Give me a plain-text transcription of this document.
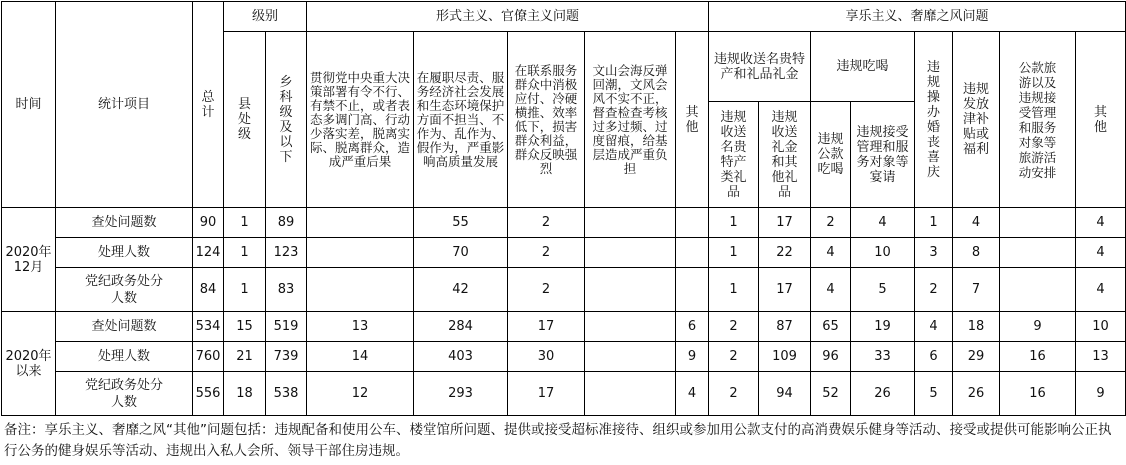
时间	统计项目	总计	级别		形式主义、官僚主义问题					享乐主义、奢靡之风问题							
			县处级	乡科级及以下	贯彻党中央重大决策部署有令不行、有禁不止，或者表态多调门高、行动少落实差，脱离实际、脱离群众，造成严重后果	在履职尽责、服务经济社会发展和生态环境保护方面不担当、不作为、乱作为、假作为，严重影响高质量发展	在联系服务群众中消极应付、冷硬横推、效率低下，损害群众利益，群众反映强烈	文山会海反弹回潮，文风会风不实不正，督查检查考核过多过频、过度留痕，给基层造成严重负担	其他	违规收送名贵特产和礼品礼金		违规吃喝		违规操办婚丧喜庆	违规发放津补贴或福利	公款旅游以及违规接受管理和服务对象等旅游活动安排	其他
										违规收送名贵特产类礼品	违规收送礼金和其他礼品	违规公款吃喝	违规接受管理和服务对象等宴请				
2020年12月	查处问题数	90	1	89		55	2			1	17	2	4	1	4		4
	处理人数	124	1	123		70	2			1	22	4	10	3	8		4
	党纪政务处分人数	84	1	83		42	2			1	17	4	5	2	7		4
2020年以来	查处问题数	534	15	519	13	284	17		6	2	87	65	19	4	18	9	10
	处理人数	760	21	739	14	403	30		9	2	109	96	33	6	29	16	13
	党纪政务处分人数	556	18	538	12	293	17		4	2	94	52	26	5	26	16	9
备注：享乐主义、奢靡之风“其他”问题包括：违规配备和使用公车、楼堂馆所问题、提供或接受超标准接待、组织或参加用公款支付的高消费娱乐健身等活动、接受或提供可能影响公正执行公务的健身娱乐等活动、违规出入私人会所、领导干部住房违规。
